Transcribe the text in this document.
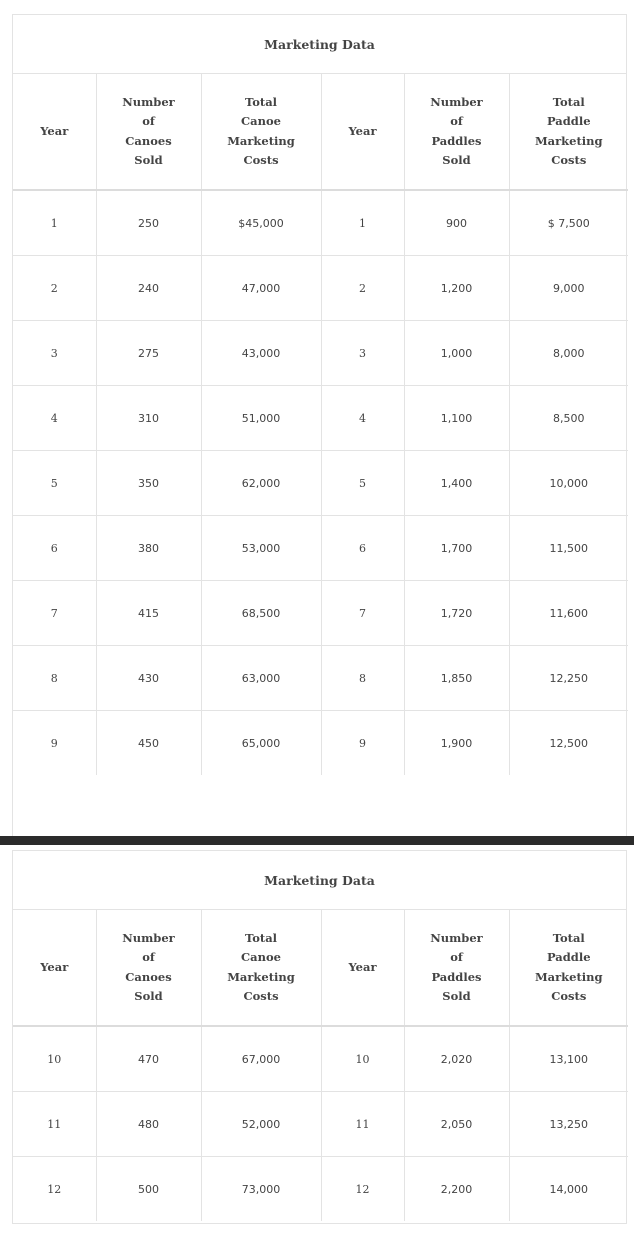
Marketing Data
Year	Number
of
Canoes
Sold	Total
Canoe
Marketing
Costs	Year	Number
of
Paddles
Sold	Total
Paddle
Marketing
Costs
1	250	$45,000	1	900	$ 7,500
2	240	47,000	2	1,200	9,000
3	275	43,000	3	1,000	8,000
4	310	51,000	4	1,100	8,500
5	350	62,000	5	1,400	10,000
6	380	53,000	6	1,700	11,500
7	415	68,500	7	1,720	11,600
8	430	63,000	8	1,850	12,250
9	450	65,000	9	1,900	12,500
Marketing Data
Year	Number
of
Canoes
Sold	Total
Canoe
Marketing
Costs	Year	Number
of
Paddles
Sold	Total
Paddle
Marketing
Costs
10	470	67,000	10	2,020	13,100
11	480	52,000	11	2,050	13,250
12	500	73,000	12	2,200	14,000
